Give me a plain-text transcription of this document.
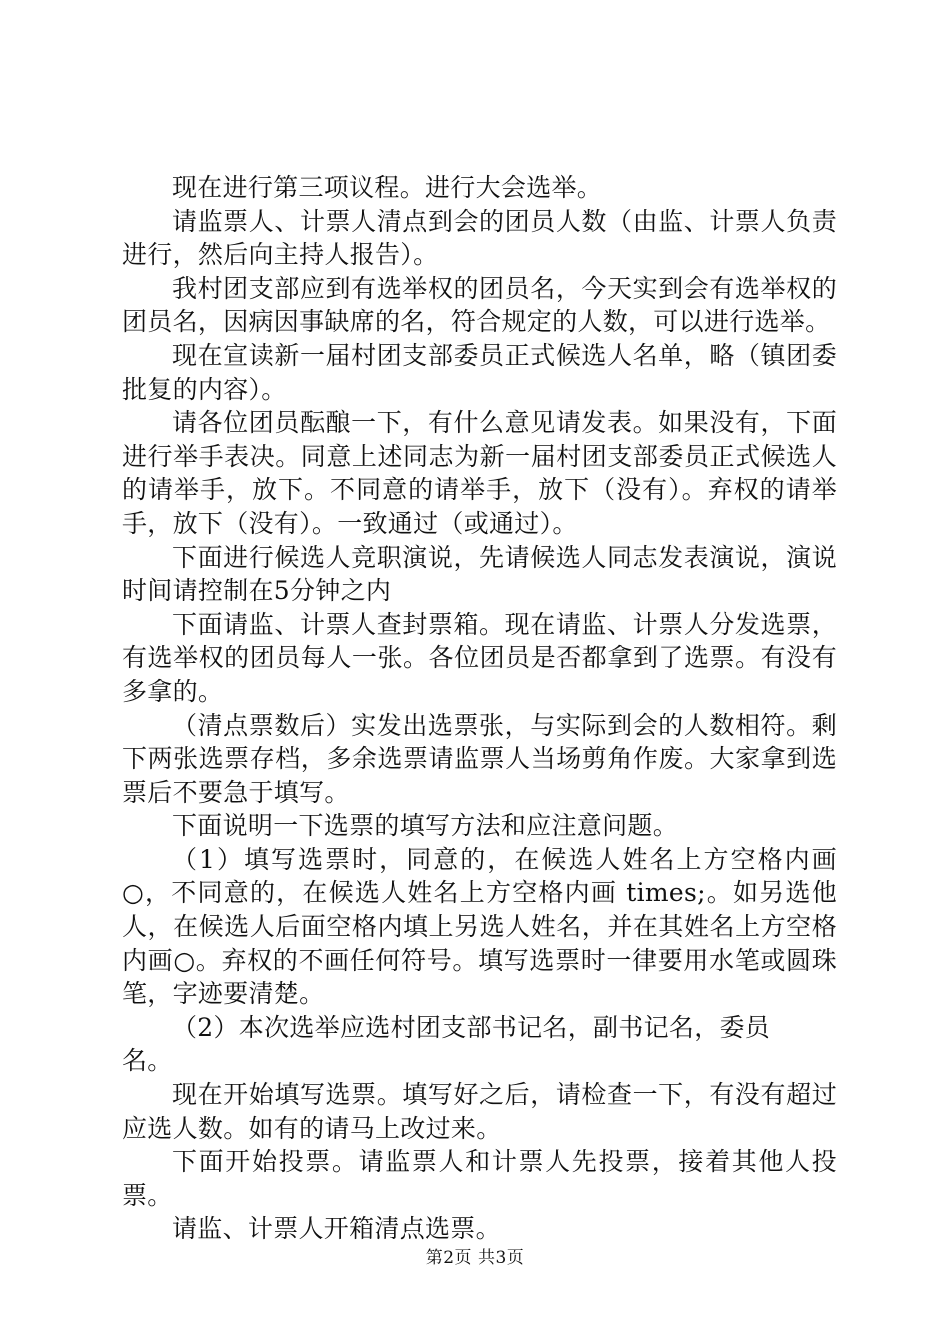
现在进行第三项议程。进行大会选举。

请监票人、计票人清点到会的团员人数（由监、计票人负责进行，然后向主持人报告）。

我村团支部应到有选举权的团员名，今天实到会有选举权的团员名，因病因事缺席的名，符合规定的人数，可以进行选举。

现在宣读新一届村团支部委员正式候选人名单，略（镇团委批复的内容）。

请各位团员酝酿一下，有什么意见请发表。如果没有，下面进行举手表决。同意上述同志为新一届村团支部委员正式候选人的请举手，放下。不同意的请举手，放下（没有）。弃权的请举手，放下（没有）。一致通过（或通过）。

下面进行候选人竞职演说，先请候选人同志发表演说，演说时间请控制在5分钟之内

下面请监、计票人查封票箱。现在请监、计票人分发选票，有选举权的团员每人一张。各位团员是否都拿到了选票。有没有多拿的。

（清点票数后）实发出选票张，与实际到会的人数相符。剩下两张选票存档，多余选票请监票人当场剪角作废。大家拿到选票后不要急于填写。

下面说明一下选票的填写方法和应注意问题。

（1）填写选票时，同意的，在候选人姓名上方空格内画○，不同意的，在候选人姓名上方空格内画 times;。如另选他人，在候选人后面空格内填上另选人姓名，并在其姓名上方空格内画○。弃权的不画任何符号。填写选票时一律要用水笔或圆珠笔，字迹要清楚。

（2）本次选举应选村团支部书记名，副书记名，委员
名。

现在开始填写选票。填写好之后，请检查一下，有没有超过应选人数。如有的请马上改过来。

下面开始投票。请监票人和计票人先投票，接着其他人投票。

请监、计票人开箱清点选票。

第2页 共3页
